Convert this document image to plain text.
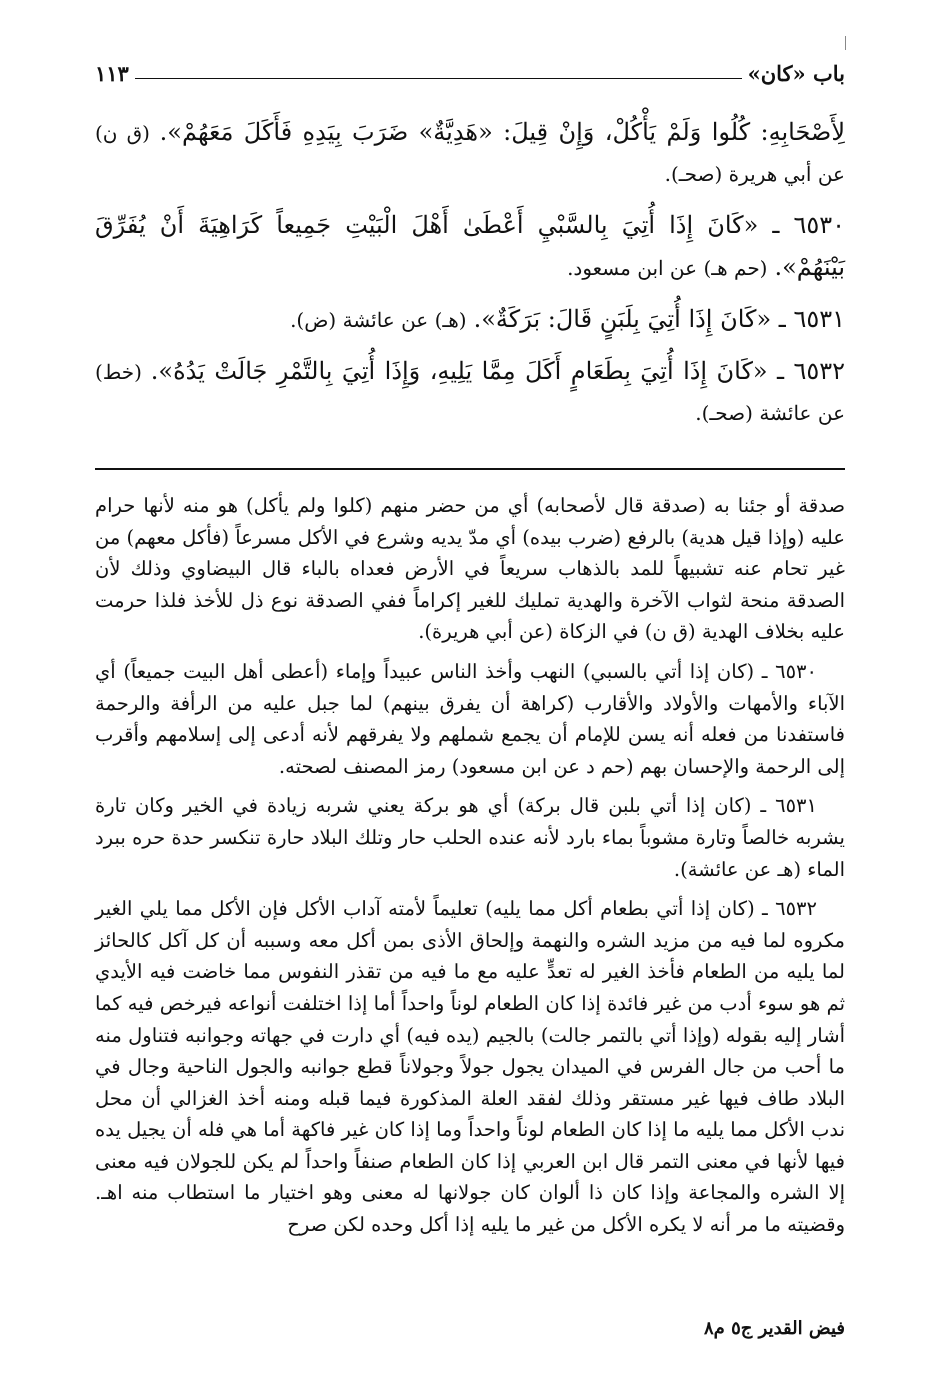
باب «كان»
١١٣

لِأَصْحَابِهِ: كُلُوا وَلَمْ يَأْكُلْ، وَإِنْ قِيلَ: «هَدِيَّةٌ» ضَرَبَ بِيَدِهِ فَأَكَلَ مَعَهُمْ». (ق ن) عن أبي هريرة (صحـ).

٦٥٣٠ ـ «كَانَ إِذَا أُتِيَ بِالسَّبْيِ أَعْطَىٰ أَهْلَ الْبَيْتِ جَمِيعاً كَرَاهِيَةَ أَنْ يُفَرِّقَ بَيْنَهُمْ». (حم هـ) عن ابن مسعود.

٦٥٣١ ـ «كَانَ إِذَا أُتِيَ بِلَبَنٍ قَالَ: بَرَكَةٌ». (هـ) عن عائشة (ض).

٦٥٣٢ ـ «كَانَ إِذَا أُتِيَ بِطَعَامٍ أَكَلَ مِمَّا يَلِيهِ، وَإِذَا أُتِيَ بِالتَّمْرِ جَالَتْ يَدُهُ». (خط) عن عائشة (صحـ).

صدقة أو جئنا به (صدقة قال لأصحابه) أي من حضر منهم (كلوا ولم يأكل) هو منه لأنها حرام عليه (وإذا قيل هدية) بالرفع (ضرب بيده) أي مدّ يديه وشرع في الأكل مسرعاً (فأكل معهم) من غير تحام عنه تشبيهاً للمد بالذهاب سريعاً في الأرض فعداه بالباء قال البيضاوي وذلك لأن الصدقة منحة لثواب الآخرة والهدية تمليك للغير إكراماً ففي الصدقة نوع ذل للأخذ فلذا حرمت عليه بخلاف الهدية (ق ن) في الزكاة (عن أبي هريرة).

٦٥٣٠ ـ (كان إذا أتي بالسبي) النهب وأخذ الناس عبيداً وإماء (أعطى أهل البيت جميعاً) أي الآباء والأمهات والأولاد والأقارب (كراهة أن يفرق بينهم) لما جبل عليه من الرأفة والرحمة فاستفدنا من فعله أنه يسن للإمام أن يجمع شملهم ولا يفرقهم لأنه أدعى إلى إسلامهم وأقرب إلى الرحمة والإحسان بهم (حم د عن ابن مسعود) رمز المصنف لصحته.

٦٥٣١ ـ (كان إذا أتي بلبن قال بركة) أي هو بركة يعني شربه زيادة في الخير وكان تارة يشربه خالصاً وتارة مشوباً بماء بارد لأنه عنده الحلب حار وتلك البلاد حارة تنكسر حدة حره ببرد الماء (هـ عن عائشة).

٦٥٣٢ ـ (كان إذا أتي بطعام أكل مما يليه) تعليماً لأمته آداب الأكل فإن الأكل مما يلي الغير مكروه لما فيه من مزيد الشره والنهمة وإلحاق الأذى بمن أكل معه وسببه أن كل آكل كالحائز لما يليه من الطعام فأخذ الغير له تعدٍّ عليه مع ما فيه من تقذر النفوس مما خاضت فيه الأيدي ثم هو سوء أدب من غير فائدة إذا كان الطعام لوناً واحداً أما إذا اختلفت أنواعه فيرخص فيه كما أشار إليه بقوله (وإذا أتي بالتمر جالت) بالجيم (يده فيه) أي دارت في جهاته وجوانبه فتناول منه ما أحب من جال الفرس في الميدان يجول جولاً وجولاناً قطع جوانبه والجول الناحية وجال في البلاد طاف فيها غير مستقر وذلك لفقد العلة المذكورة فيما قبله ومنه أخذ الغزالي أن محل ندب الأكل مما يليه ما إذا كان الطعام لوناً واحداً وما إذا كان غير فاكهة أما هي فله أن يجيل يده فيها لأنها في معنى التمر قال ابن العربي إذا كان الطعام صنفاً واحداً لم يكن للجولان فيه معنى إلا الشره والمجاعة وإذا كان ذا ألوان كان جولانها له معنى وهو اختيار ما استطاب منه اهـ. وقضيته ما مر أنه لا يكره الأكل من غير ما يليه إذا أكل وحده لكن صرح

فيض القدير ج٥ م٨
